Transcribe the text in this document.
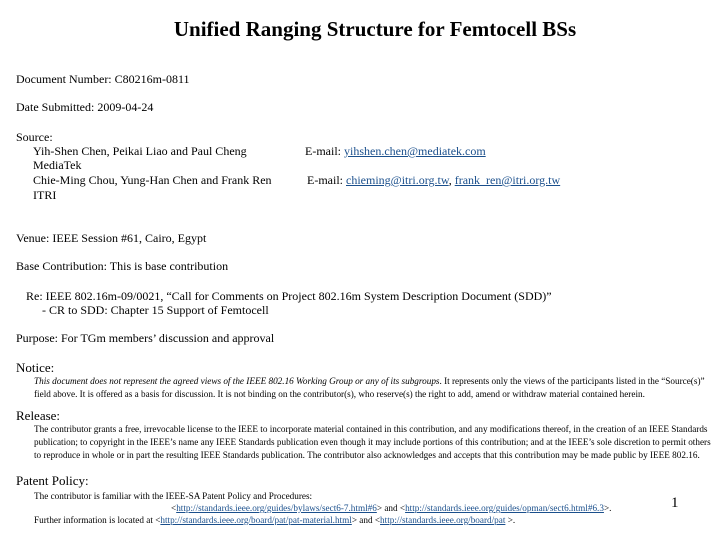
Unified Ranging Structure for Femtocell BSs
Document Number: C80216m-0811
Date Submitted: 2009-04-24
Source:
Yih-Shen Chen, Peikai Liao and Paul Cheng
MediaTek
Chie-Ming Chou, Yung-Han Chen and Frank Ren
ITRI
E-mail: yihshen.chen@mediatek.com
E-mail: chieming@itri.org.tw, frank_ren@itri.org.tw
Venue: IEEE Session #61, Cairo, Egypt
Base Contribution: This is base contribution
Re: IEEE 802.16m-09/0021, “Call for Comments on Project 802.16m System Description Document (SDD)”
- CR to SDD: Chapter 15 Support of Femtocell
Purpose: For TGm members’ discussion and approval
Notice:
This document does not represent the agreed views of the IEEE 802.16 Working Group or any of its subgroups. It represents only the views of the participants listed in the “Source(s)” field above. It is offered as a basis for discussion. It is not binding on the contributor(s), who reserve(s) the right to add, amend or withdraw material contained herein.
Release:
The contributor grants a free, irrevocable license to the IEEE to incorporate material contained in this contribution, and any modifications thereof, in the creation of an IEEE Standards publication; to copyright in the IEEE’s name any IEEE Standards publication even though it may include portions of this contribution; and at the IEEE’s sole discretion to permit others to reproduce in whole or in part the resulting IEEE Standards publication. The contributor also acknowledges and accepts that this contribution may be made public by IEEE 802.16.
Patent Policy:
The contributor is familiar with the IEEE-SA Patent Policy and Procedures:
<http://standards.ieee.org/guides/bylaws/sect6-7.html#6> and <http://standards.ieee.org/guides/opman/sect6.html#6.3>.
Further information is located at <http://standards.ieee.org/board/pat/pat-material.html> and <http://standards.ieee.org/board/pat >.
1
